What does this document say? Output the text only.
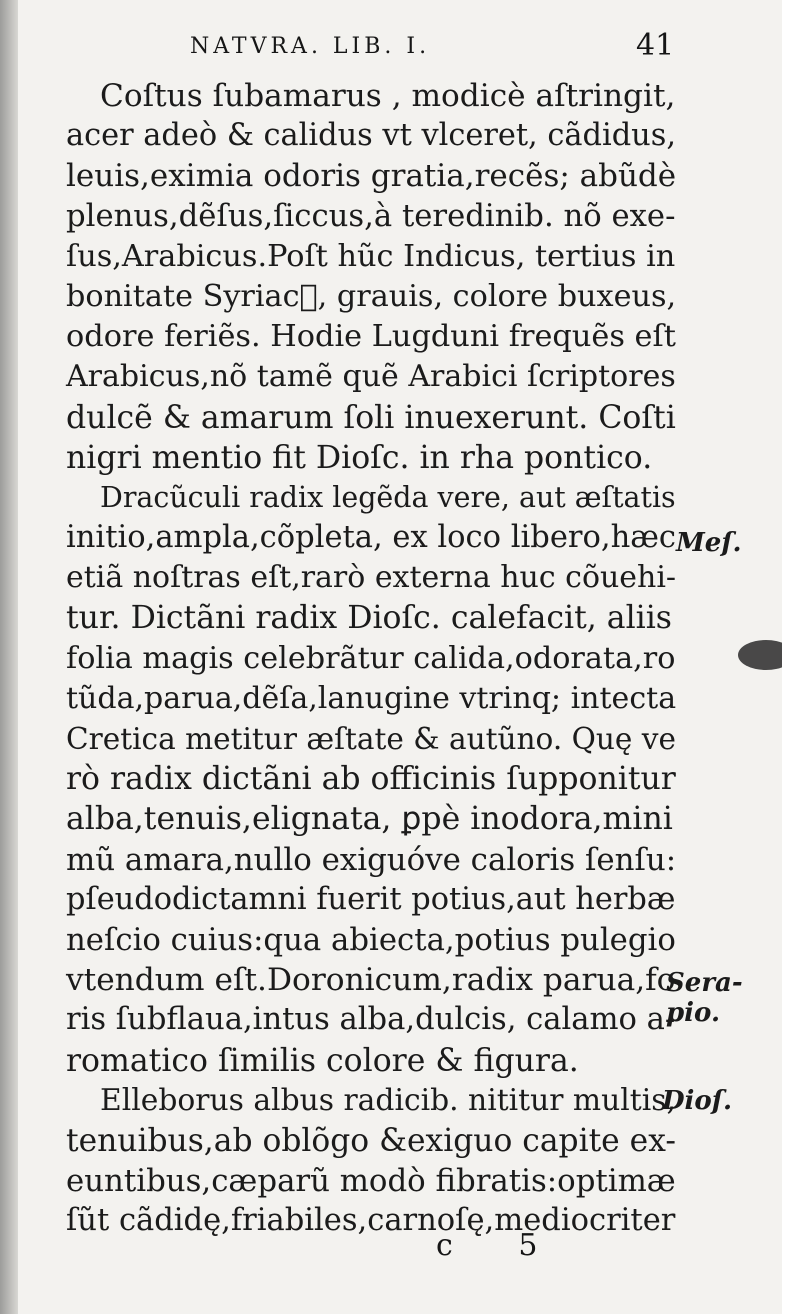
NATVRA. LIB. I.	41
Coſtus ſubamarus , modicè aſtringit,
acer adeò & calidus vt vlceret, cãdidus,
leuis,eximia odoris gratia,recẽs; abũdè
plenus,dẽſus,ſiccus,à teredinib. nõ exe-
ſus,Arabicus.Poſt hũc Indicus, tertius in
bonitate Syriac᷑, grauis, colore buxeus,
odore feriẽs. Hodie Lugduni frequẽs eſt
Arabicus,nõ tamẽ quẽ Arabici ſcriptores
dulcẽ & amarum ſoli inuexerunt. Coſti
nigri mentio fit Dioſc. in rha pontico.
Dracũculi radix legẽda vere, aut æſtatis
initio,ampla,cõpleta, ex loco libero,hæc
etiã noſtras eſt,rarò externa huc cõuehi-
tur. Dictãni radix Dioſc. calefacit, aliis
folia magis celebrãtur calida,odorata,ro
tũda,parua,dẽſa,lanugine vtrinq; intecta
Cretica metitur æſtate & autũno. Quę ve
rò radix dictãni ab officinis ſupponitur
alba,tenuis,elignata, ꝑpè inodora,mini
mũ amara,nullo exiguóve caloris ſenſu:
pſeudodictamni fuerit potius,aut herbæ
neſcio cuius:qua abiecta,potius pulegio
vtendum eſt.Doronicum,radix parua,fo
ris ſubflaua,intus alba,dulcis, calamo a-
romatico ſimilis colore & figura.
Elleborus albus radicib. nititur multis,
tenuibus,ab oblõgo &exiguo capite ex-
euntibus,cæparũ modò fibratis:optimæ
ſũt cãdidę,friabiles,carnoſę,mediocriter
Meſ.
Sera-
pio.
Dioſ.
c 5
